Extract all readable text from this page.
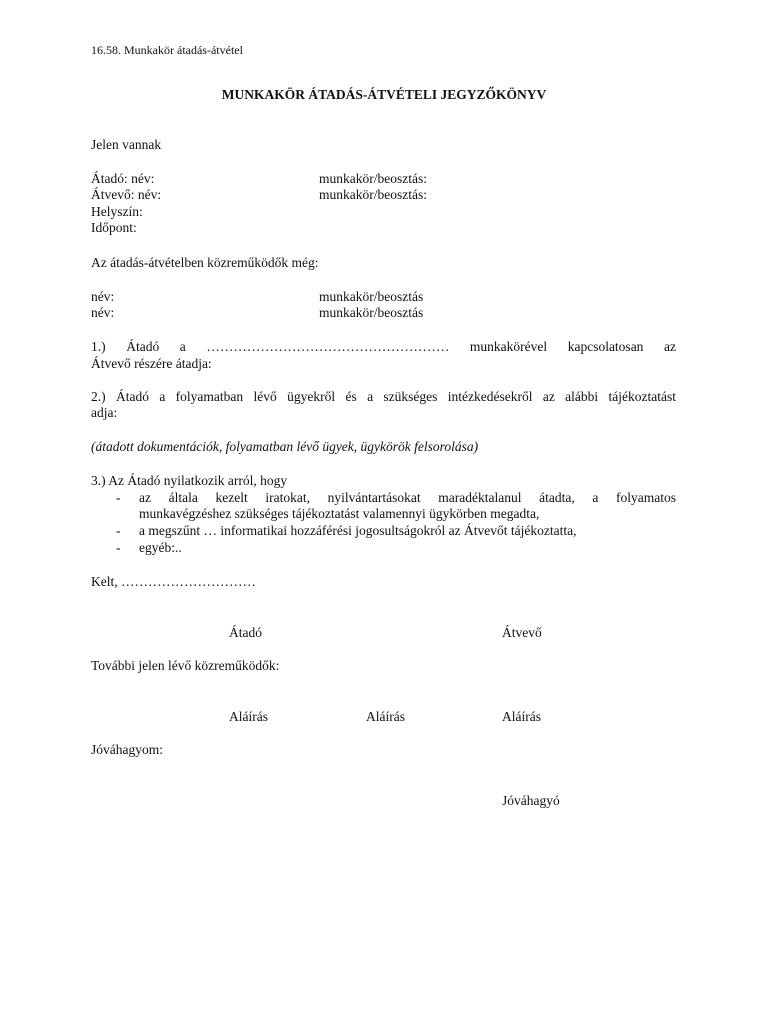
16.58. Munkakör átadás-átvétel
MUNKAKÖR ÁTADÁS-ÁTVÉTELI JEGYZŐKÖNYV
Jelen vannak
Átadó: név:	munkakör/beosztás:
Átvevő: név:	munkakör/beosztás:
Helyszín:
Időpont:
Az átadás-átvételben közreműködők még:
név:	munkakör/beosztás
név:	munkakör/beosztás
1.) Átadó a ……………………………………………… munkakörével kapcsolatosan az
Átvevő részére átadja:
2.) Átadó a folyamatban lévő ügyekről és a szükséges intézkedésekről az alábbi tájékoztatást
adja:
(átadott dokumentációk, folyamatban lévő ügyek, ügykörök felsorolása)
3.) Az Átadó nyilatkozik arról, hogy
- az általa kezelt iratokat, nyilvántartásokat maradéktalanul átadta, a folyamatos
munkavégzéshez szükséges tájékoztatást valamennyi ügykörben megadta,
- a megszűnt … informatikai hozzáférési jogosultságokról az Átvevőt tájékoztatta,
- egyéb:..
Kelt, …………………………
Átadó	Átvevő
További jelen lévő közreműködők:
Aláírás	Aláírás	Aláírás
Jóváhagyom:
Jóváhagyó
